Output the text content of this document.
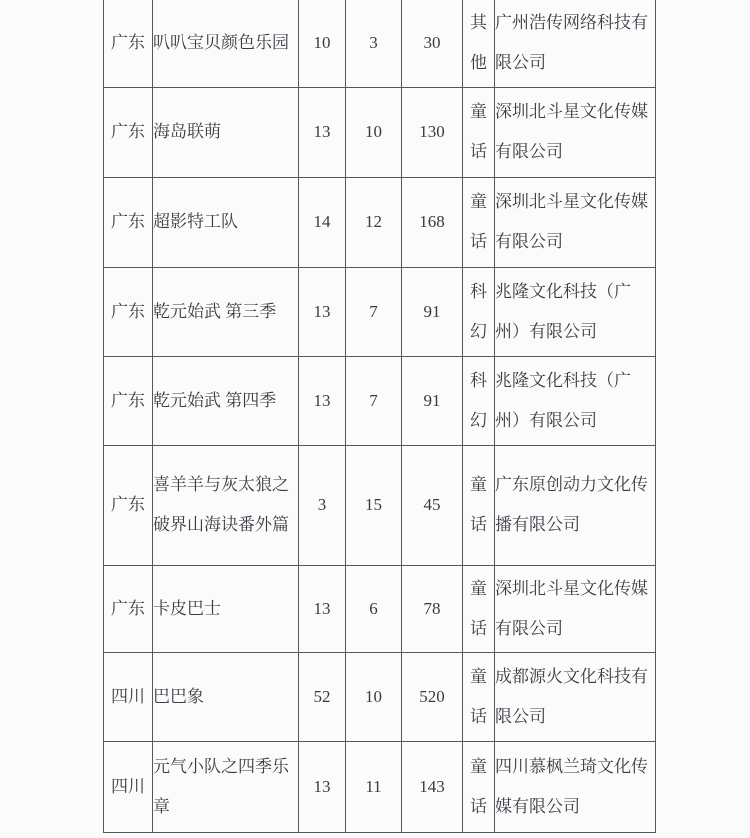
广东	叭叭宝贝颜色乐园	10	3	30	其他	广州浩传网络科技有限公司
广东	海岛联萌	13	10	130	童话	深圳北斗星文化传媒有限公司
广东	超影特工队	14	12	168	童话	深圳北斗星文化传媒有限公司
广东	乾元始武 第三季	13	7	91	科幻	兆隆文化科技（广州）有限公司
广东	乾元始武 第四季	13	7	91	科幻	兆隆文化科技（广州）有限公司
广东	喜羊羊与灰太狼之破界山海诀番外篇	3	15	45	童话	广东原创动力文化传播有限公司
广东	卡皮巴士	13	6	78	童话	深圳北斗星文化传媒有限公司
四川	巴巴象	52	10	520	童话	成都源火文化科技有限公司
四川	元气小队之四季乐章	13	11	143	童话	四川慕枫兰琦文化传媒有限公司
